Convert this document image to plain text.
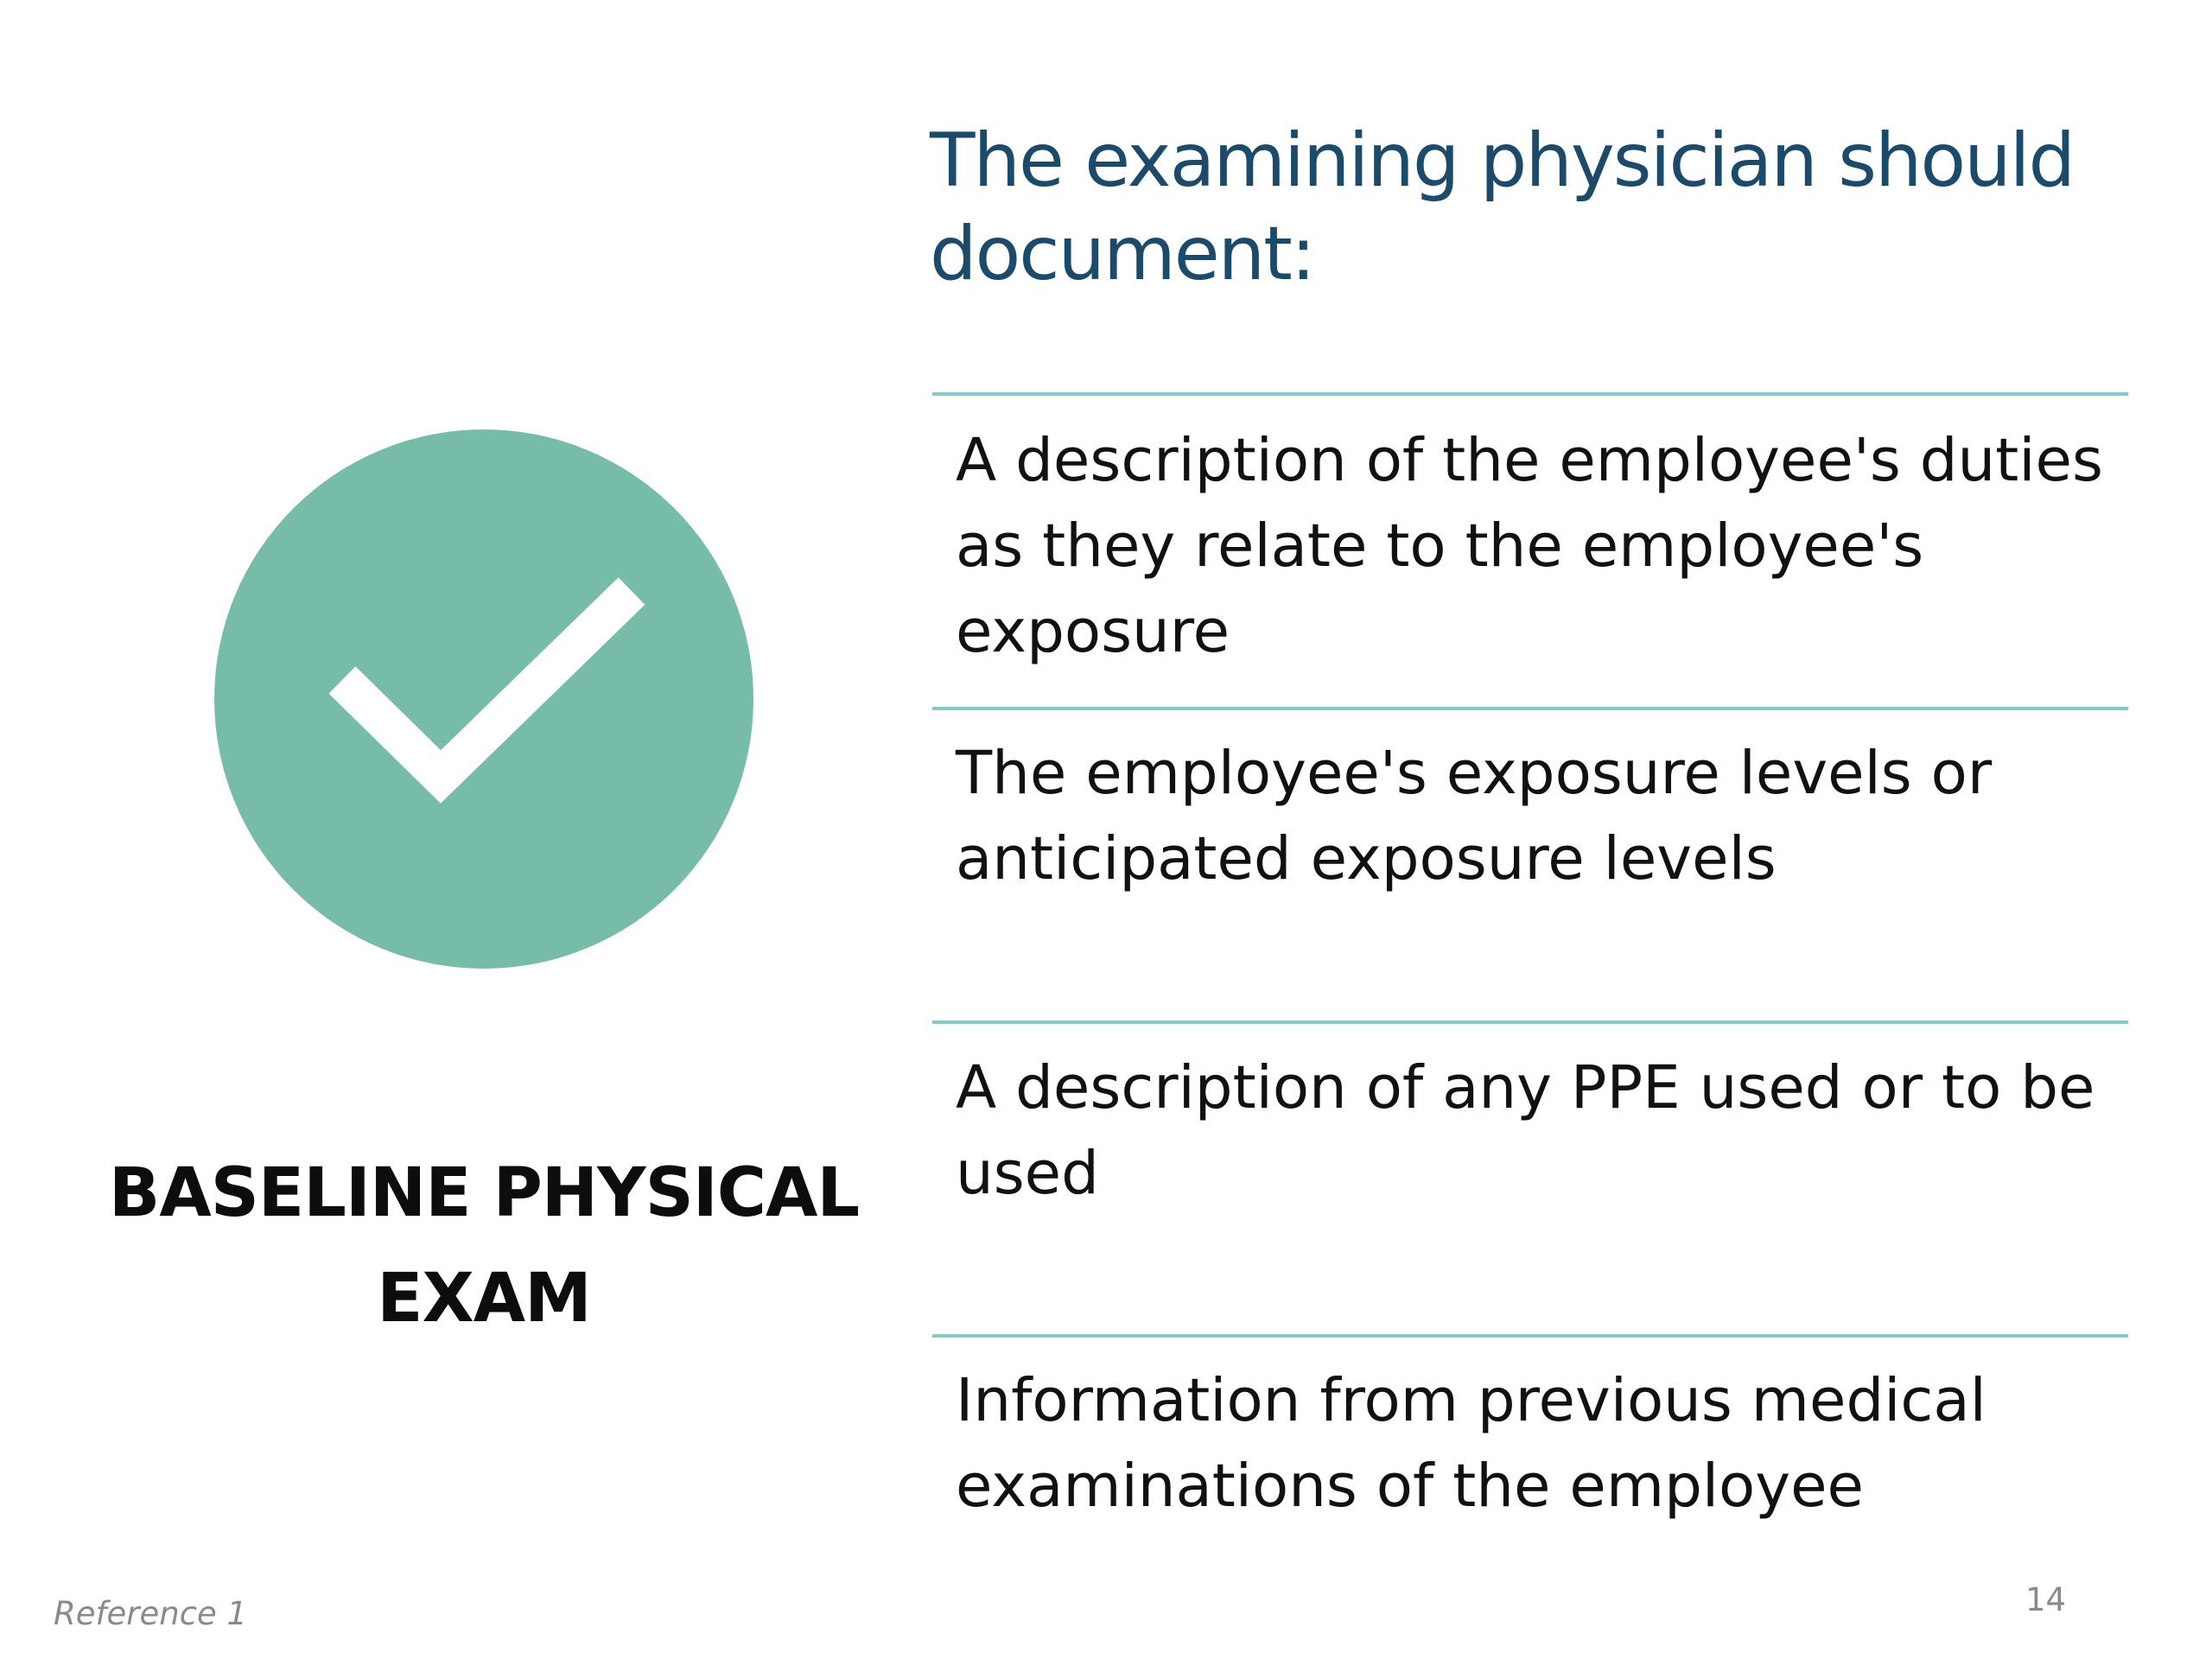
BASELINE PHYSICAL
EXAM
The examining physician should document:
A description of the employee's duties as they relate to the employee's exposure
The employee's exposure levels or anticipated exposure levels
A description of any PPE used or to be used
Information from previous medical examinations of the employee
Reference 1	14
